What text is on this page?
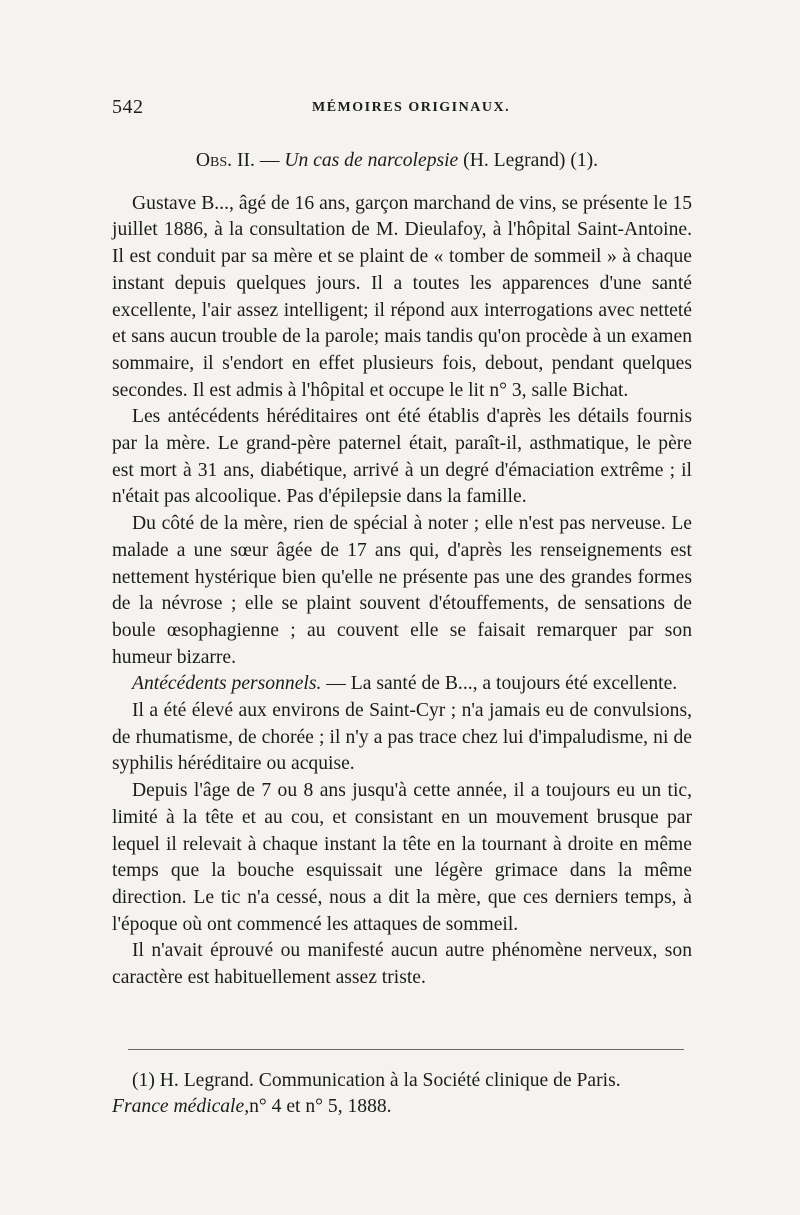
542	MÉMOIRES ORIGINAUX.

Obs. II. — Un cas de narcolepsie (H. Legrand) (1).

Gustave B..., âgé de 16 ans, garçon marchand de vins, se présente le 15 juillet 1886, à la consultation de M. Dieulafoy, à l'hôpital Saint-Antoine. Il est conduit par sa mère et se plaint de « tomber de sommeil » à chaque instant depuis quelques jours. Il a toutes les apparences d'une santé excellente, l'air assez intelligent; il répond aux interrogations avec netteté et sans aucun trouble de la parole; mais tandis qu'on procède à un examen sommaire, il s'endort en effet plusieurs fois, debout, pendant quelques secondes. Il est admis à l'hôpital et occupe le lit n° 3, salle Bichat.

Les antécédents héréditaires ont été établis d'après les détails fournis par la mère. Le grand-père paternel était, paraît-il, asthmatique, le père est mort à 31 ans, diabétique, arrivé à un degré d'émaciation extrême ; il n'était pas alcoolique. Pas d'épilepsie dans la famille.

Du côté de la mère, rien de spécial à noter ; elle n'est pas nerveuse. Le malade a une sœur âgée de 17 ans qui, d'après les renseignements est nettement hystérique bien qu'elle ne présente pas une des grandes formes de la névrose ; elle se plaint souvent d'étouffements, de sensations de boule œsophagienne ; au couvent elle se faisait remarquer par son humeur bizarre.

Antécédents personnels. — La santé de B..., a toujours été excellente.

Il a été élevé aux environs de Saint-Cyr ; n'a jamais eu de convulsions, de rhumatisme, de chorée ; il n'y a pas trace chez lui d'impaludisme, ni de syphilis héréditaire ou acquise.

Depuis l'âge de 7 ou 8 ans jusqu'à cette année, il a toujours eu un tic, limité à la tête et au cou, et consistant en un mouvement brusque par lequel il relevait à chaque instant la tête en la tournant à droite en même temps que la bouche esquissait une légère grimace dans la même direction. Le tic n'a cessé, nous a dit la mère, que ces derniers temps, à l'époque où ont commencé les attaques de sommeil.

Il n'avait éprouvé ou manifesté aucun autre phénomène nerveux, son caractère est habituellement assez triste.

(1) H. Legrand. Communication à la Société clinique de Paris.

France médicale,n° 4 et n° 5, 1888.
